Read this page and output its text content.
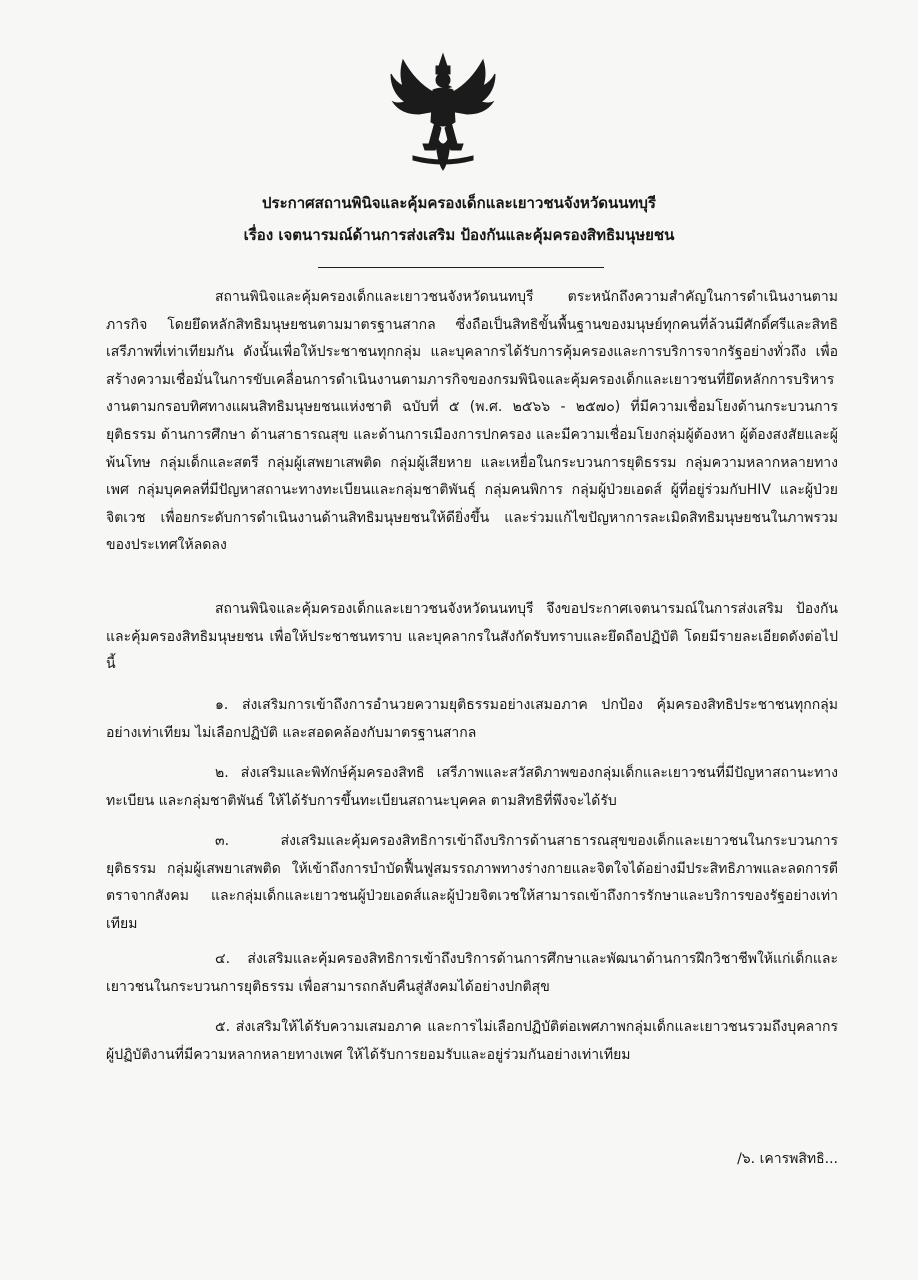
ประกาศสถานพินิจและคุ้มครองเด็กและเยาวชนจังหวัดนนทบุรี
เรื่อง เจตนารมณ์ด้านการส่งเสริม ป้องกันและคุ้มครองสิทธิมนุษยชน

สถานพินิจและคุ้มครองเด็กและเยาวชนจังหวัดนนทบุรี ตระหนักถึงความสำคัญในการดำเนินงานตามภารกิจ โดยยึดหลักสิทธิมนุษยชนตามมาตรฐานสากล ซึ่งถือเป็นสิทธิขั้นพื้นฐานของมนุษย์ทุกคนที่ล้วนมีศักดิ์ศรีและสิทธิเสรีภาพที่เท่าเทียมกัน ดังนั้นเพื่อให้ประชาชนทุกกลุ่ม และบุคลากรได้รับการคุ้มครองและการบริการจากรัฐอย่างทั่วถึง เพื่อสร้างความเชื่อมั่นในการขับเคลื่อนการดำเนินงานตามภารกิจของกรมพินิจและคุ้มครองเด็กและเยาวชนที่ยึดหลักการบริหารงานตามกรอบทิศทางแผนสิทธิมนุษยชนแห่งชาติ ฉบับที่ ๕ (พ.ศ. ๒๕๖๖ - ๒๕๗๐) ที่มีความเชื่อมโยงด้านกระบวนการยุติธรรม ด้านการศึกษา ด้านสาธารณสุข และด้านการเมืองการปกครอง และมีความเชื่อมโยงกลุ่มผู้ต้องหา ผู้ต้องสงสัยและผู้พ้นโทษ กลุ่มเด็กและสตรี กลุ่มผู้เสพยาเสพติด กลุ่มผู้เสียหาย และเหยื่อในกระบวนการยุติธรรม กลุ่มความหลากหลายทางเพศ กลุ่มบุคคลที่มีปัญหาสถานะทางทะเบียนและกลุ่มชาติพันธุ์ กลุ่มคนพิการ กลุ่มผู้ป่วยเอดส์ ผู้ที่อยู่ร่วมกับHIV และผู้ป่วยจิตเวช เพื่อยกระดับการดำเนินงานด้านสิทธิมนุษยชนให้ดียิ่งขึ้น และร่วมแก้ไขปัญหาการละเมิดสิทธิมนุษยชนในภาพรวมของประเทศให้ลดลง

สถานพินิจและคุ้มครองเด็กและเยาวชนจังหวัดนนทบุรี จึงขอประกาศเจตนารมณ์ในการส่งเสริม ป้องกัน และคุ้มครองสิทธิมนุษยชน เพื่อให้ประชาชนทราบ และบุคลากรในสังกัดรับทราบและยึดถือปฏิบัติ โดยมีรายละเอียดดังต่อไปนี้

๑. ส่งเสริมการเข้าถึงการอำนวยความยุติธรรมอย่างเสมอภาค ปกป้อง คุ้มครองสิทธิประชาชนทุกกลุ่มอย่างเท่าเทียม ไม่เลือกปฏิบัติ และสอดคล้องกับมาตรฐานสากล

๒. ส่งเสริมและพิทักษ์คุ้มครองสิทธิ เสรีภาพและสวัสดิภาพของกลุ่มเด็กและเยาวชนที่มีปัญหาสถานะทางทะเบียน และกลุ่มชาติพันธ์ ให้ได้รับการขึ้นทะเบียนสถานะบุคคล ตามสิทธิที่พึงจะได้รับ

๓. ส่งเสริมและคุ้มครองสิทธิการเข้าถึงบริการด้านสาธารณสุขของเด็กและเยาวชนในกระบวนการยุติธรรม กลุ่มผู้เสพยาเสพติด ให้เข้าถึงการบำบัดฟื้นฟูสมรรถภาพทางร่างกายและจิตใจได้อย่างมีประสิทธิภาพและลดการตีตราจากสังคม และกลุ่มเด็กและเยาวชนผู้ป่วยเอดส์และผู้ป่วยจิตเวชให้สามารถเข้าถึงการรักษาและบริการของรัฐอย่างเท่าเทียม

๔. ส่งเสริมและคุ้มครองสิทธิการเข้าถึงบริการด้านการศึกษาและพัฒนาด้านการฝึกวิชาชีพให้แก่เด็กและเยาวชนในกระบวนการยุติธรรม เพื่อสามารถกลับคืนสู่สังคมได้อย่างปกติสุข

๕. ส่งเสริมให้ได้รับความเสมอภาค และการไม่เลือกปฏิบัติต่อเพศภาพกลุ่มเด็กและเยาวชนรวมถึงบุคลากรผู้ปฏิบัติงานที่มีความหลากหลายทางเพศ ให้ได้รับการยอมรับและอยู่ร่วมกันอย่างเท่าเทียม

/๖. เคารพสิทธิ...
